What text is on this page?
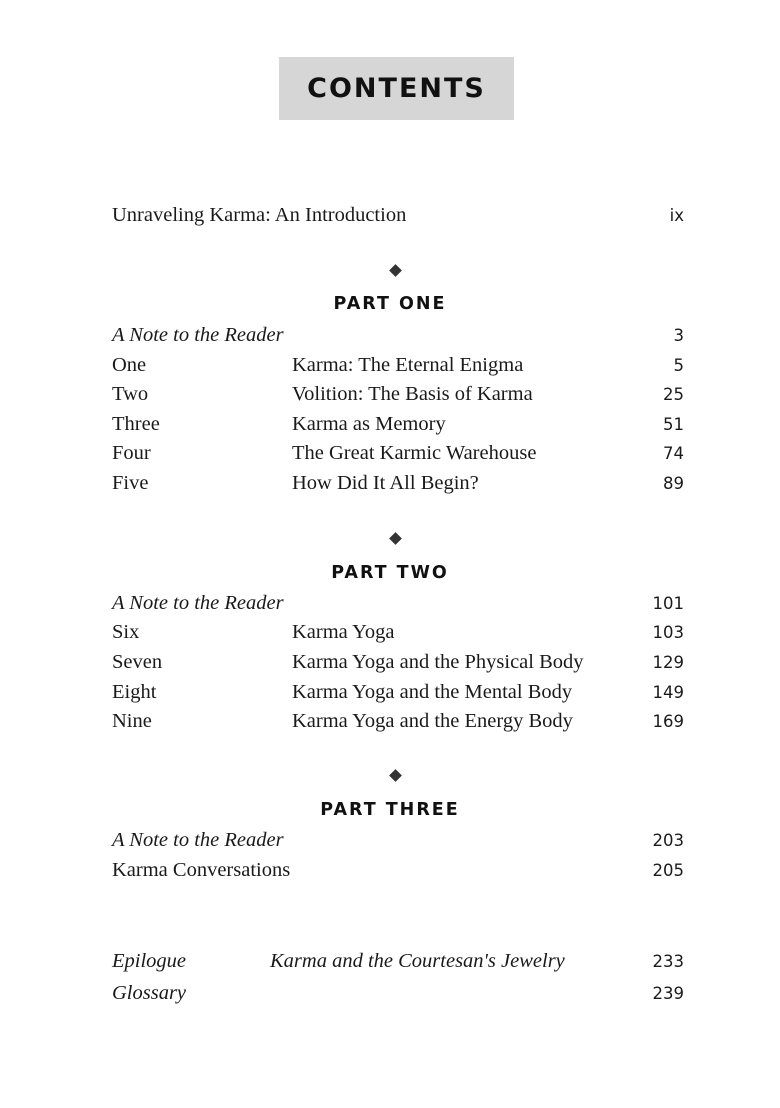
CONTENTS
Unraveling Karma: An Introduction	ix
PART ONE
A Note to the Reader	3
One	Karma: The Eternal Enigma	5
Two	Volition: The Basis of Karma	25
Three	Karma as Memory	51
Four	The Great Karmic Warehouse	74
Five	How Did It All Begin?	89
PART TWO
A Note to the Reader	101
Six	Karma Yoga	103
Seven	Karma Yoga and the Physical Body	129
Eight	Karma Yoga and the Mental Body	149
Nine	Karma Yoga and the Energy Body	169
PART THREE
A Note to the Reader	203
Karma Conversations	205
Epilogue	Karma and the Courtesan's Jewelry	233
Glossary	239
